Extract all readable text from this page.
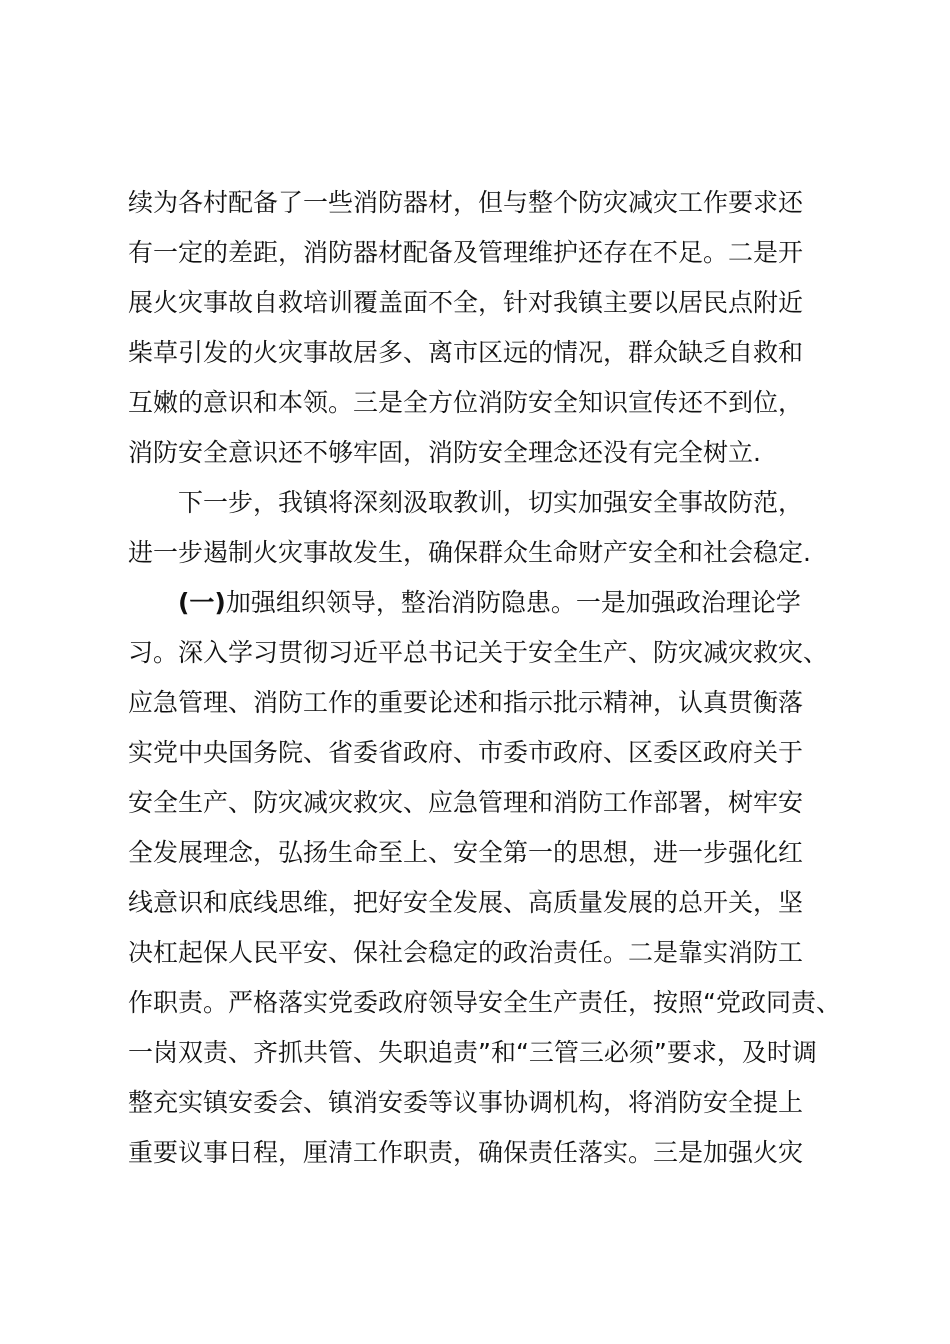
续为各村配备了一些消防器材，但与整个防灾减灾工作要求还
有一定的差距，消防器材配备及管理维护还存在不足。二是开
展火灾事故自救培训覆盖面不全，针对我镇主要以居民点附近
柴草引发的火灾事故居多、离市区远的情况，群众缺乏自救和
互嫩的意识和本领。三是全方位消防安全知识宣传还不到位，
消防安全意识还不够牢固，消防安全理念还没有完全树立.
下一步，我镇将深刻汲取教训，切实加强安全事故防范，
进一步遏制火灾事故发生，确保群众生命财产安全和社会稳定.
(一)加强组织领导，整治消防隐患。一是加强政治理论学
习。深入学习贯彻习近平总书记关于安全生产、防灾减灾救灾、
应急管理、消防工作的重要论述和指示批示精神，认真贯衡落
实党中央国务院、省委省政府、市委市政府、区委区政府关于
安全生产、防灾减灾救灾、应急管理和消防工作部署，树牢安
全发展理念，弘扬生命至上、安全第一的思想，进一步强化红
线意识和底线思维，把好安全发展、高质量发展的总开关，坚
决杠起保人民平安、保社会稳定的政治责任。二是靠实消防工
作职责。严格落实党委政府领导安全生产责任，按照“党政同责、
一岗双责、齐抓共管、失职追责”和“三管三必须”要求，及时调
整充实镇安委会、镇消安委等议事协调机构，将消防安全提上
重要议事日程，厘清工作职责，确保责任落实。三是加强火灾
